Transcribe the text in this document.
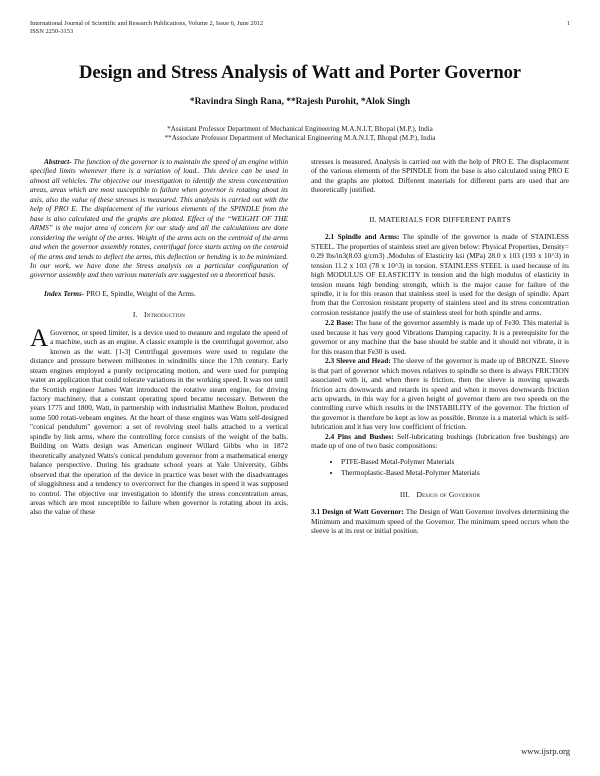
International Journal of Scientific and Research Publications, Volume 2, Issue 6, June 2012
ISSN 2250-3153
1
Design and Stress Analysis of Watt and Porter Governor
*Ravindra Singh Rana, **Rajesh Purohit, *Alok Singh
*Assistant Professor Department of Mechanical Engineering M.A.N.I.T, Bhopal (M.P.), India
**Associate Professor Department of Mechanical Engineering M.A.N.I.T, Bhopal (M.P.), India

Abstract- The function of the governor is to maintain the speed of an engine within specified limits whenever there is a variation of load.. This device can be used in almost all vehicles. The objective our investigation to identify the stress concentration areas, areas which are most susceptible to failure when governor is rotating about its axis, also the value of these stresses is measured. This analysis is carried out with the help of PRO E. The displacement of the various elements of the SPINDLE from the base is also calculated and the graphs are plotted. Effect of the “WEIGHT OF THE ARMS” is the major area of concern for our study and all the calculations are done considering the weight of the arms. Weight of the arms acts on the centroid of the arms and when the governor assembly rotates, centrifugal force starts acting on the centroid of the arms and tends to deflect the arms, this deflection or bending is to be minimized. In our work, we have done the Stress analysis on a particular configuration of governor assembly and then various materials are suggested on a theoretical basis.

Index Terms- PRO E, Spindle, Weight of the Arms.

I. Introduction

A Governor, or speed limiter, is a device used to measure and regulate the speed of a machine, such as an engine. A classic example is the centrifugal governor, also known as the watt. [1-3] Centrifugal governors were used to regulate the distance and pressure between millstones in windmills since the 17th century. Early steam engines employed a purely reciprocating motion, and were used for pumping water an application that could tolerate variations in the working speed. It was not until the Scottish engineer James Watt introduced the rotative steam engine, for driving factory machinery, that a constant operating speed became necessary. Between the years 1775 and 1800, Watt, in partnership with industrialist Matthew Bolton, produced some 500 rotati-vebeam engines. At the heart of these engines was Watts self-designed "conical pendulum" governor: a set of revolving steel balls attached to a vertical spindle by link arms, where the controlling force consists of the weight of the balls. Building on Watts design was American engineer Willard Gibbs who in 1872 theoretically analyzed Watts's conical pendulum governor from a mathematical energy balance perspective. During his graduate school years at Yale University, Gibbs observed that the operation of the device in practice was beset with the disadvantages of sluggishness and a tendency to overcorrect for the changes in speed it was supposed to control. The objective our investigation to identify the stress concentration areas, areas which are most susceptible to failure when governor is rotating about its axis, also the value of these

stresses is measured. Analysis is carried out with the help of PRO E. The displacement of the various elements of the SPINDLE from the base is also calculated using PRO E and the graphs are plotted. Different materials for different parts are used that are theoretically justified.

II. MATERIALS FOR DIFFERENT PARTS

2.1 Spindle and Arms: The spindle of the governor is made of STAINLESS STEEL. The properties of stainless steel are given below: Physical Properties, Density= 0.29 lbs/in3(8.03 g/cm3) ,Modulus of Elasticity ksi (MPa) 28.0 x 103 (193 x 10^3) in tension 11.2 x 103 (78 x 10^3) in torsion. STAINLESS STEEL is used because of its high MODULUS OF ELASTICITY in tension and the high modulus of elasticity in tension means high bending strength, which is the major cause for failure of the spindle, it is for this reason that stainless steel is used for the design of spindle. Apart from that the Corrosion resistant property of stainless steel and its stress concentration corrosion resistance justify the use of stainless steel for both spindle and arms.

2.2 Base: The base of the governor assembly is made up of Fe30. This material is used because it has very good Vibrations Damping capacity. It is a prerequisite for the governor or any machine that the base should be stable and it should not vibrate, it is for this reason that Fe30 is used.

2.3 Sleeve and Head: The sleeve of the governor is made up of BRONZE. Sleeve is that part of governor which moves relatives to spindle so there is always FRICTION associated with it, and when there is friction, then the sleeve is moving upwards friction acts downwards and retards its speed and when it moves downwards friction acts upwards, in this way for a given height of governor there are two speeds on the controlling curve which results in the INSTABILITY of the governor. The friction of the governor is therefore be kept as low as possible, Bronze is a material which is self-lubrication and it has very low coefficient of friction.

2.4 Pins and Bushes: Self-lubricating bushings (lubrication free bushings) are made up of one of two basic compositions:

• PTFE-Based Metal-Polymer Materials
• Thermoplastic-Based Metal-Polymer Materials
III. Design of Governor

3.1 Design of Watt Governor: The Design of Watt Governor involves determining the Minimum and maximum speed of the Governor. The minimum speed occurs when the sleeve is at its rest or initial position.

www.ijsrp.org
